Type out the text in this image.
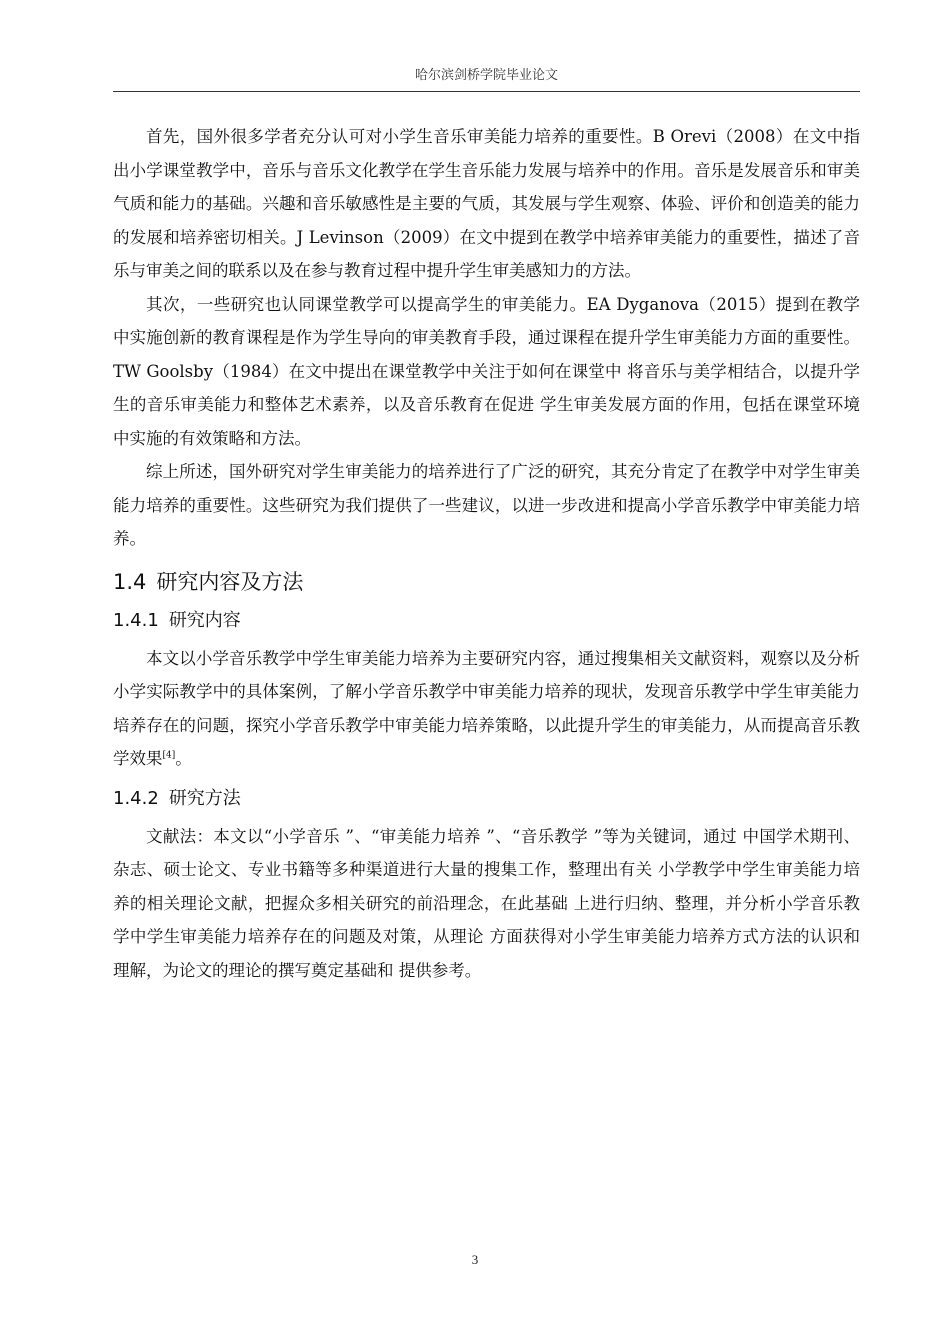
哈尔滨剑桥学院毕业论文

首先，国外很多学者充分认可对小学生音乐审美能力培养的重要性。B Orevi（2008）在文中指出小学课堂教学中，音乐与音乐文化教学在学生音乐能力发展与培养中的作用。音乐是发展音乐和审美气质和能力的基础。兴趣和音乐敏感性是主要的气质，其发展与学生观察、体验、评价和创造美的能力的发展和培养密切相关。J Levinson（2009）在文中提到在教学中培养审美能力的重要性，描述了音乐与审美之间的联系以及在参与教育过程中提升学生审美感知力的方法。

其次，一些研究也认同课堂教学可以提高学生的审美能力。EA Dyganova（2015）提到在教学中实施创新的教育课程是作为学生导向的审美教育手段，通过课程在提升学生审美能力方面的重要性。TW Goolsby（1984）在文中提出在课堂教学中关注于如何在课堂中 将音乐与美学相结合，以提升学生的音乐审美能力和整体艺术素养，以及音乐教育在促进 学生审美发展方面的作用，包括在课堂环境中实施的有效策略和方法。

综上所述，国外研究对学生审美能力的培养进行了广泛的研究，其充分肯定了在教学中对学生审美能力培养的重要性。这些研究为我们提供了一些建议，以进一步改进和提高小学音乐教学中审美能力培养。

1.4 研究内容及方法
1.4.1 研究内容

本文以小学音乐教学中学生审美能力培养为主要研究内容，通过搜集相关文献资料，观察以及分析小学实际教学中的具体案例，了解小学音乐教学中审美能力培养的现状，发现音乐教学中学生审美能力培养存在的问题，探究小学音乐教学中审美能力培养策略，以此提升学生的审美能力，从而提高音乐教学效果[4]。

1.4.2 研究方法

文献法：本文以“小学音乐 ”、“审美能力培养 ”、“音乐教学 ”等为关键词，通过 中国学术期刊、杂志、硕士论文、专业书籍等多种渠道进行大量的搜集工作，整理出有关 小学教学中学生审美能力培养的相关理论文献，把握众多相关研究的前沿理念，在此基础 上进行归纳、整理，并分析小学音乐教学中学生审美能力培养存在的问题及对策，从理论 方面获得对小学生审美能力培养方式方法的认识和理解，为论文的理论的撰写奠定基础和 提供参考。

3
